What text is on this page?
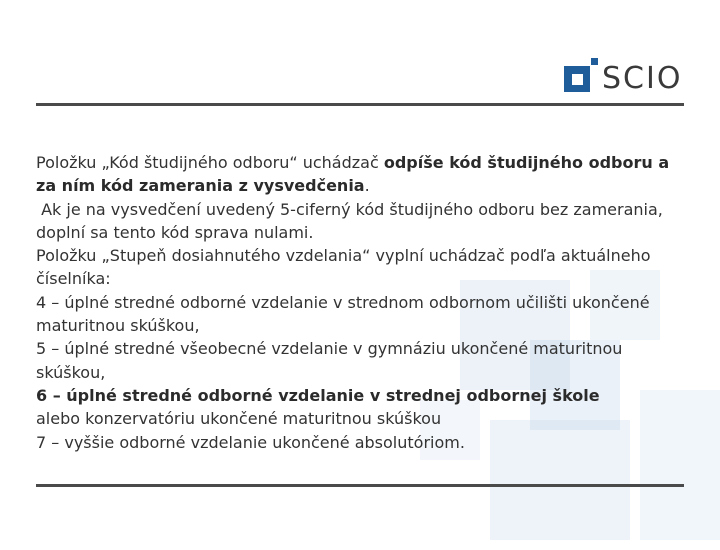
SCIO

Položku „Kód študijného odboru“ uchádzač odpíše kód študijného odboru a za ním kód zamerania z vysvedčenia.

Ak je na vysvedčení uvedený 5-ciferný kód študijného odboru bez zamerania, doplní sa tento kód sprava nulami.

Položku „Stupeň dosiahnutého vzdelania“ vyplní uchádzač podľa aktuálneho číselníka:

4 – úplné stredné odborné vzdelanie v strednom odbornom učilišti ukončené maturitnou skúškou,

5 – úplné stredné všeobecné vzdelanie v gymnáziu ukončené maturitnou skúškou,

6 – úplné stredné odborné vzdelanie v strednej odbornej škole

alebo konzervatóriu ukončené maturitnou skúškou

7 – vyššie odborné vzdelanie ukončené absolutóriom.
